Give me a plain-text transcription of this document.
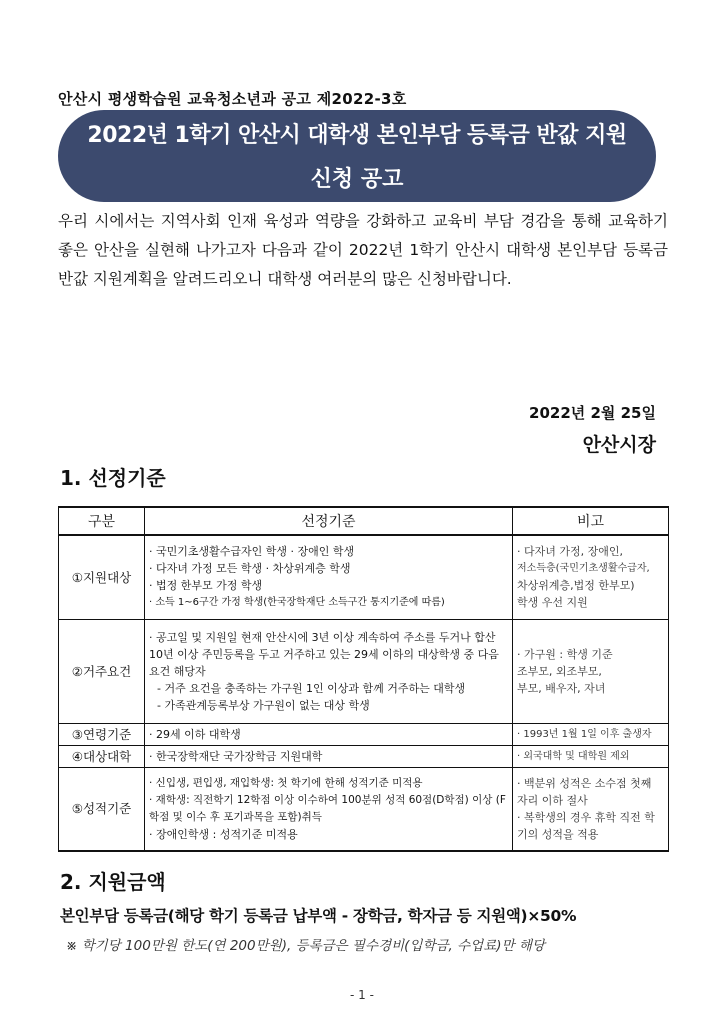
안산시 평생학습원 교육청소년과 공고 제2022-3호
2022년 1학기 안산시 대학생 본인부담 등록금 반값 지원
신청 공고
우리 시에서는 지역사회 인재 육성과 역량을 강화하고 교육비 부담 경감을 통해 교육하기 좋은 안산을 실현해 나가고자 다음과 같이 2022년 1학기 안산시 대학생 본인부담 등록금 반값 지원계획을 알려드리오니 대학생 여러분의 많은 신청바랍니다.
2022년 2월 25일
안산시장
1. 선정기준
구분	선정기준	비고
①지원대상	· 국민기초생활수급자인 학생 · 장애인 학생
· 다자녀 가정 모든 학생 · 차상위계층 학생
· 법정 한부모 가정 학생
· 소득 1~6구간 가정 학생(한국장학재단 소득구간 통지기준에 따름)	· 다자녀 가정, 장애인,
저소득층(국민기초생활수급자,
차상위계층,법정 한부모)
학생 우선 지원

②거주요건	· 공고일 및 지원일 현재 안산시에 3년 이상 계속하여 주소를 두거나 합산 10년 이상 주민등록을 두고 거주하고 있는 29세 이하의 대상학생 중 다음 요건 해당자
- 거주 요건을 충족하는 가구원 1인 이상과 함께 거주하는 대학생
- 가족관계등록부상 가구원이 없는 대상 학생	· 가구원 : 학생 기준
조부모, 외조부모,
부모, 배우자, 자녀

③연령기준	· 29세 이하 대학생	· 1993년 1월 1일 이후 출생자

④대상대학	· 한국장학재단 국가장학금 지원대학	· 외국대학 및 대학원 제외

⑤성적기준	· 신입생, 편입생, 재입학생: 첫 학기에 한해 성적기준 미적용
· 재학생: 직전학기 12학점 이상 이수하여 100분위 성적 60점(D학점) 이상 (F학점 및 이수 후 포기과목을 포함)취득
· 장애인학생 : 성적기준 미적용	· 백분위 성적은 소수점 첫째 자리 이하 절사
· 복학생의 경우 휴학 직전 학기의 성적을 적용
2. 지원금액
본인부담 등록금(해당 학기 등록금 납부액 - 장학금, 학자금 등 지원액)×50%
※ 학기당 100만원 한도(연 200만원), 등록금은 필수경비(입학금, 수업료)만 해당
- 1 -
